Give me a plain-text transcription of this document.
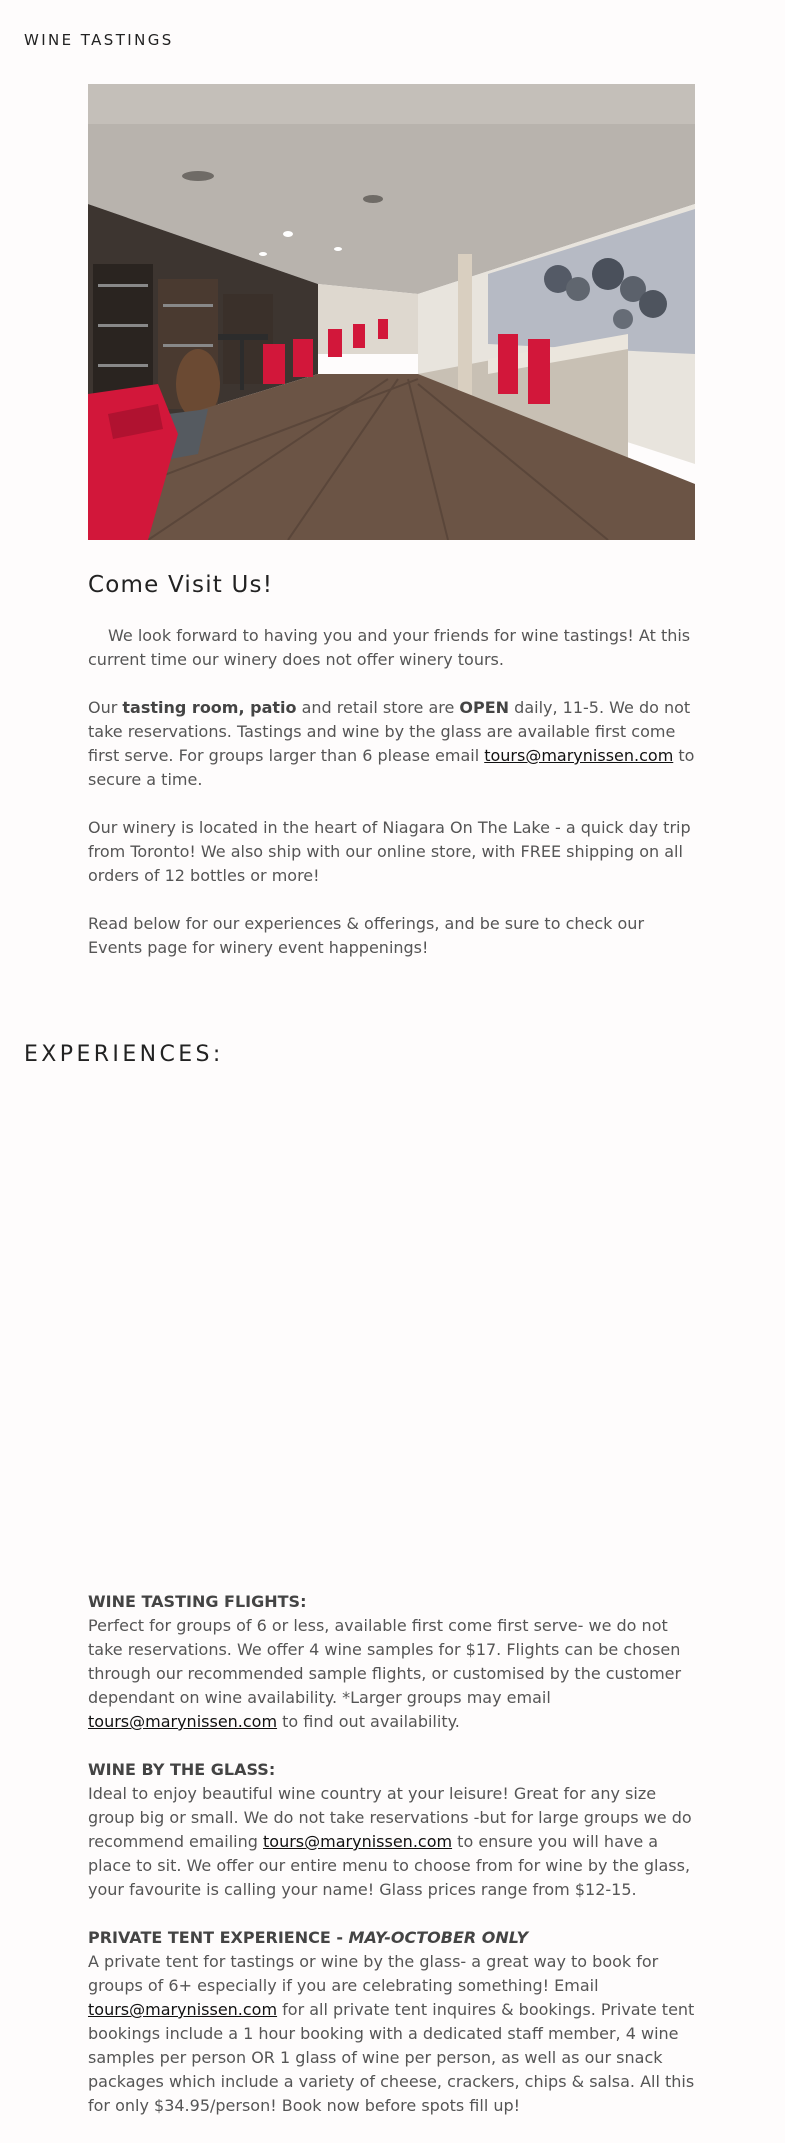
WINE TASTINGS
Come Visit Us!

We look forward to having you and your friends for wine tastings! At this current time our winery does not offer winery tours.

Our tasting room, patio and retail store are OPEN daily, 11-5. We do not take reservations. Tastings and wine by the glass are available first come first serve. For groups larger than 6 please email tours@marynissen.com to secure a time.

Our winery is located in the heart of Niagara On The Lake - a quick day trip from Toronto! We also ship with our online store, with FREE shipping on all orders of 12 bottles or more!

Read below for our experiences & offerings, and be sure to check our Events page for winery event happenings!

EXPERIENCES:
WINE TASTING FLIGHTS:
Perfect for groups of 6 or less, available first come first serve- we do not take reservations. We offer 4 wine samples for $17. Flights can be chosen through our recommended sample flights, or customised by the customer dependant on wine availability. *Larger groups may email tours@marynissen.com to find out availability.
WINE BY THE GLASS:
Ideal to enjoy beautiful wine country at your leisure! Great for any size group big or small. We do not take reservations -but for large groups we do recommend emailing tours@marynissen.com to ensure you will have a place to sit. We offer our entire menu to choose from for wine by the glass, your favourite is calling your name! Glass prices range from $12-15.
PRIVATE TENT EXPERIENCE - MAY-OCTOBER ONLY
A private tent for tastings or wine by the glass- a great way to book for groups of 6+ especially if you are celebrating something! Email tours@marynissen.com for all private tent inquires & bookings. Private tent bookings include a 1 hour booking with a dedicated staff member, 4 wine samples per person OR 1 glass of wine per person, as well as our snack packages which include a variety of cheese, crackers, chips & salsa. All this for only $34.95/person! Book now before spots fill up!
